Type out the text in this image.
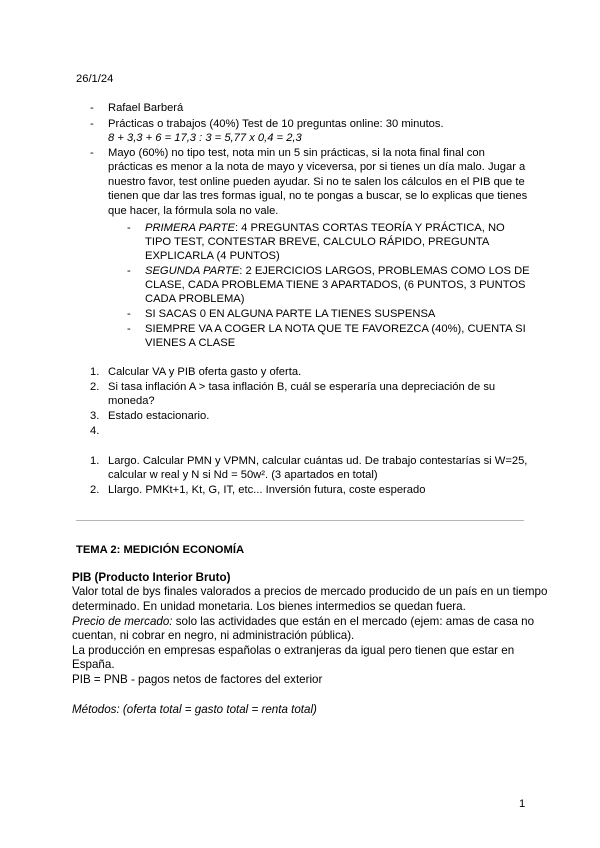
26/1/24
-	Rafael Barberá
-	Prácticas o trabajos (40%) Test de 10 preguntas online: 30 minutos.
8 + 3,3 + 6 = 17,3 : 3 = 5,77 x 0,4 = 2,3
-	Mayo (60%) no tipo test, nota min un 5 sin prácticas, si la nota final final con
prácticas es menor a la nota de mayo y viceversa, por si tienes un día malo. Jugar a
nuestro favor, test online pueden ayudar. Si no te salen los cálculos en el PIB que te
tienen que dar las tres formas igual, no te pongas a buscar, se lo explicas que tienes
que hacer, la fórmula sola no vale.
-	PRIMERA PARTE: 4 PREGUNTAS CORTAS TEORÍA Y PRÁCTICA, NO
TIPO TEST, CONTESTAR BREVE, CALCULO RÁPIDO, PREGUNTA
EXPLICARLA (4 PUNTOS)
-	SEGUNDA PARTE: 2 EJERCICIOS LARGOS, PROBLEMAS COMO LOS DE
CLASE, CADA PROBLEMA TIENE 3 APARTADOS, (6 PUNTOS, 3 PUNTOS
CADA PROBLEMA)
-	SI SACAS 0 EN ALGUNA PARTE LA TIENES SUSPENSA
-	SIEMPRE VA A COGER LA NOTA QUE TE FAVOREZCA (40%), CUENTA SI
VIENES A CLASE
1. Calcular VA y PIB oferta gasto y oferta.
2. Si tasa inflación A > tasa inflación B, cuál se esperaría una depreciación de su
moneda?
3. Estado estacionario.
4.
1. Largo. Calcular PMN y VPMN, calcular cuántas ud. De trabajo contestarías si W=25,
calcular w real y N si Nd = 50w². (3 apartados en total)
2. Llargo. PMKt+1, Kt, G, IT, etc... Inversión futura, coste esperado
TEMA 2: MEDICIÓN ECONOMÍA
PIB (Producto Interior Bruto)
Valor total de bys finales valorados a precios de mercado producido de un país en un tiempo
determinado. En unidad monetaria. Los bienes intermedios se quedan fuera.
Precio de mercado: solo las actividades que están en el mercado (ejem: amas de casa no
cuentan, ni cobrar en negro, ni administración pública).
La producción en empresas españolas o extranjeras da igual pero tienen que estar en
España.
PIB = PNB - pagos netos de factores del exterior
Métodos: (oferta total = gasto total = renta total)
1
